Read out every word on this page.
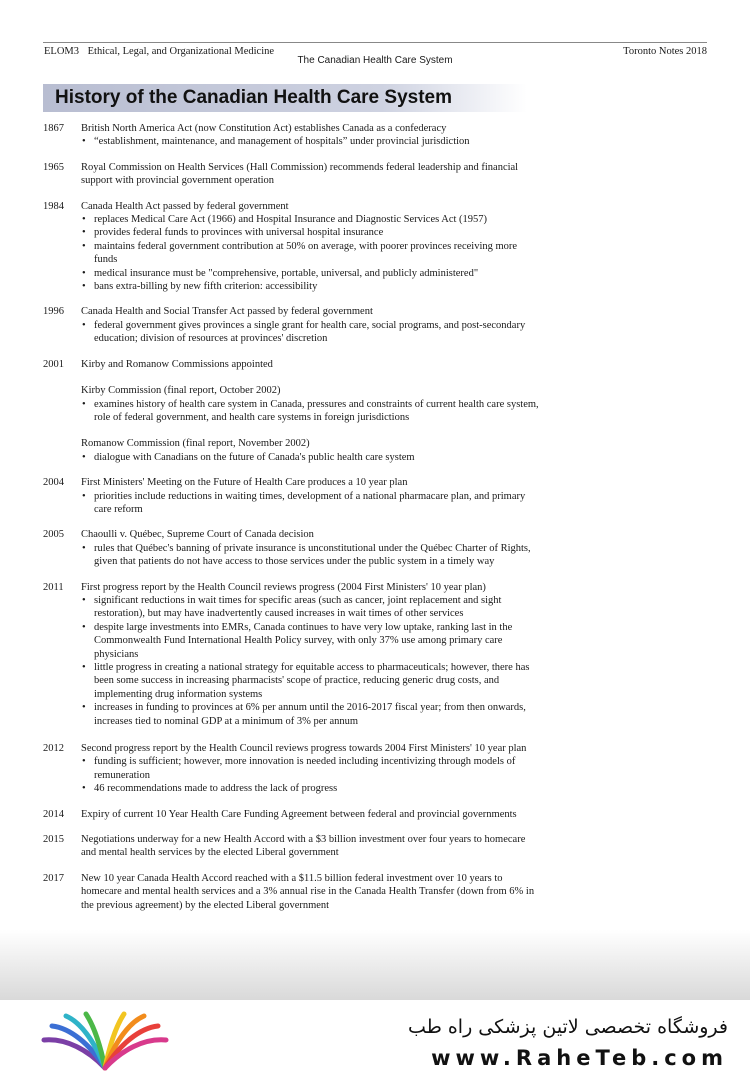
ELOM3 Ethical, Legal, and Organizational Medicine
The Canadian Health Care System
Toronto Notes 2018
History of the Canadian Health Care System
1867 British North America Act (now Constitution Act) establishes Canada as a confederacy

• “establishment, maintenance, and management of hospitals” under provincial jurisdiction
1965 Royal Commission on Health Services (Hall Commission) recommends federal leadership and financial support with provincial government operation

1984 Canada Health Act passed by federal government

• replaces Medical Care Act (1966) and Hospital Insurance and Diagnostic Services Act (1957)
• provides federal funds to provinces with universal hospital insurance
• maintains federal government contribution at 50% on average, with poorer provinces receiving more funds
• medical insurance must be "comprehensive, portable, universal, and publicly administered"
• bans extra-billing by new fifth criterion: accessibility
1996 Canada Health and Social Transfer Act passed by federal government

• federal government gives provinces a single grant for health care, social programs, and post-secondary education; division of resources at provinces' discretion
2001 Kirby and Romanow Commissions appointed

Kirby Commission (final report, October 2002)

• examines history of health care system in Canada, pressures and constraints of current health care system, role of federal government, and health care systems in foreign jurisdictions

Romanow Commission (final report, November 2002)

• dialogue with Canadians on the future of Canada's public health care system
2004 First Ministers' Meeting on the Future of Health Care produces a 10 year plan

• priorities include reductions in waiting times, development of a national pharmacare plan, and primary care reform
2005 Chaoulli v. Québec, Supreme Court of Canada decision

• rules that Québec's banning of private insurance is unconstitutional under the Québec Charter of Rights, given that patients do not have access to those services under the public system in a timely way
2011 First progress report by the Health Council reviews progress (2004 First Ministers' 10 year plan)

• significant reductions in wait times for specific areas (such as cancer, joint replacement and sight restoration), but may have inadvertently caused increases in wait times of other services
• despite large investments into EMRs, Canada continues to have very low uptake, ranking last in the Commonwealth Fund International Health Policy survey, with only 37% use among primary care physicians
• little progress in creating a national strategy for equitable access to pharmaceuticals; however, there has been some success in increasing pharmacists' scope of practice, reducing generic drug costs, and implementing drug information systems
• increases in funding to provinces at 6% per annum until the 2016-2017 fiscal year; from then onwards, increases tied to nominal GDP at a minimum of 3% per annum
2012 Second progress report by the Health Council reviews progress towards 2004 First Ministers' 10 year plan

• funding is sufficient; however, more innovation is needed including incentivizing through models of remuneration
• 46 recommendations made to address the lack of progress
2014 Expiry of current 10 Year Health Care Funding Agreement between federal and provincial governments

2015 Negotiations underway for a new Health Accord with a $3 billion investment over four years to homecare and mental health services by the elected Liberal government

2017 New 10 year Canada Health Accord reached with a $11.5 billion federal investment over 10 years to homecare and mental health services and a 3% annual rise in the Canada Health Transfer (down from 6% in the previous agreement) by the elected Liberal government

فروشگاه تخصصی لاتین پزشکی راه طب
www.RaheTeb.com
